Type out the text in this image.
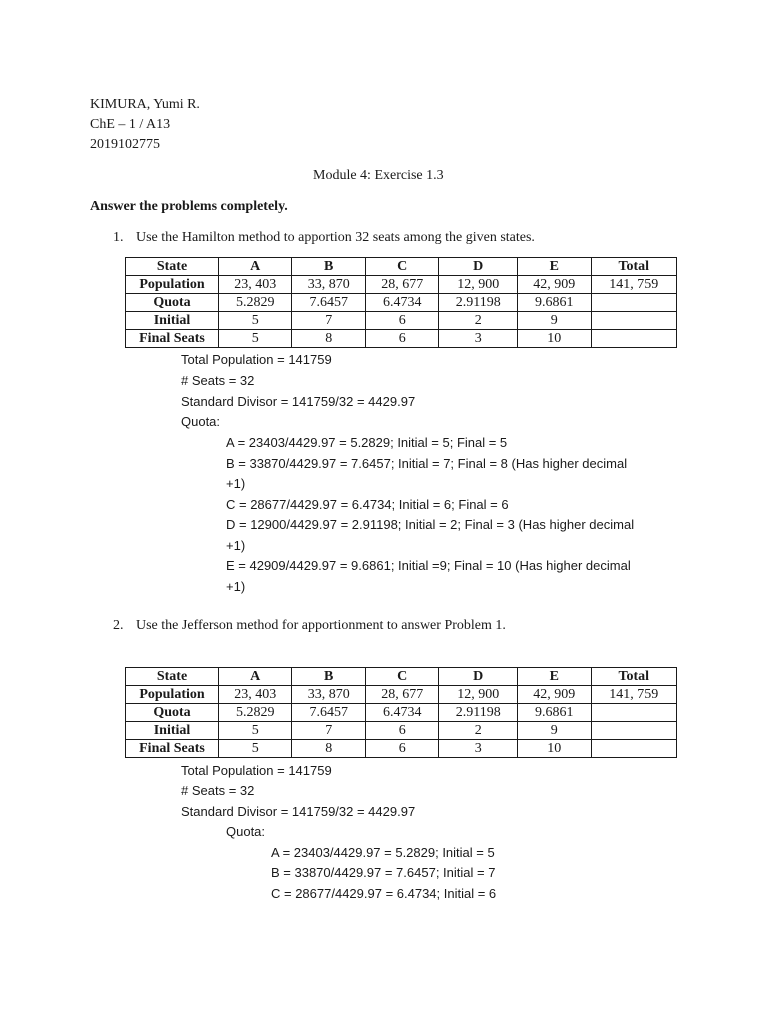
KIMURA, Yumi R.
ChE – 1 / A13
2019102775
Module 4: Exercise 1.3
Answer the problems completely.
1. Use the Hamilton method to apportion 32 seats among the given states.
State	A	B	C	D	E	Total
Population	23, 403	33, 870	28, 677	12, 900	42, 909	141, 759
Quota	5.2829	7.6457	6.4734	2.91198	9.6861	
Initial	5	7	6	2	9	
Final Seats	5	8	6	3	10	
Total Population = 141759
# Seats = 32
Standard Divisor = 141759/32 = 4429.97
Quota:
A = 23403/4429.97 = 5.2829; Initial = 5; Final = 5
B = 33870/4429.97 = 7.6457; Initial = 7; Final = 8 (Has higher decimal
+1)
C = 28677/4429.97 = 6.4734; Initial = 6; Final = 6
D = 12900/4429.97 = 2.91198; Initial = 2; Final = 3 (Has higher decimal
+1)
E = 42909/4429.97 = 9.6861; Initial =9; Final = 10 (Has higher decimal
+1)
2. Use the Jefferson method for apportionment to answer Problem 1.
State	A	B	C	D	E	Total
Population	23, 403	33, 870	28, 677	12, 900	42, 909	141, 759
Quota	5.2829	7.6457	6.4734	2.91198	9.6861	
Initial	5	7	6	2	9	
Final Seats	5	8	6	3	10	
Total Population = 141759
# Seats = 32
Standard Divisor = 141759/32 = 4429.97
Quota:
A = 23403/4429.97 = 5.2829; Initial = 5
B = 33870/4429.97 = 7.6457; Initial = 7
C = 28677/4429.97 = 6.4734; Initial = 6
